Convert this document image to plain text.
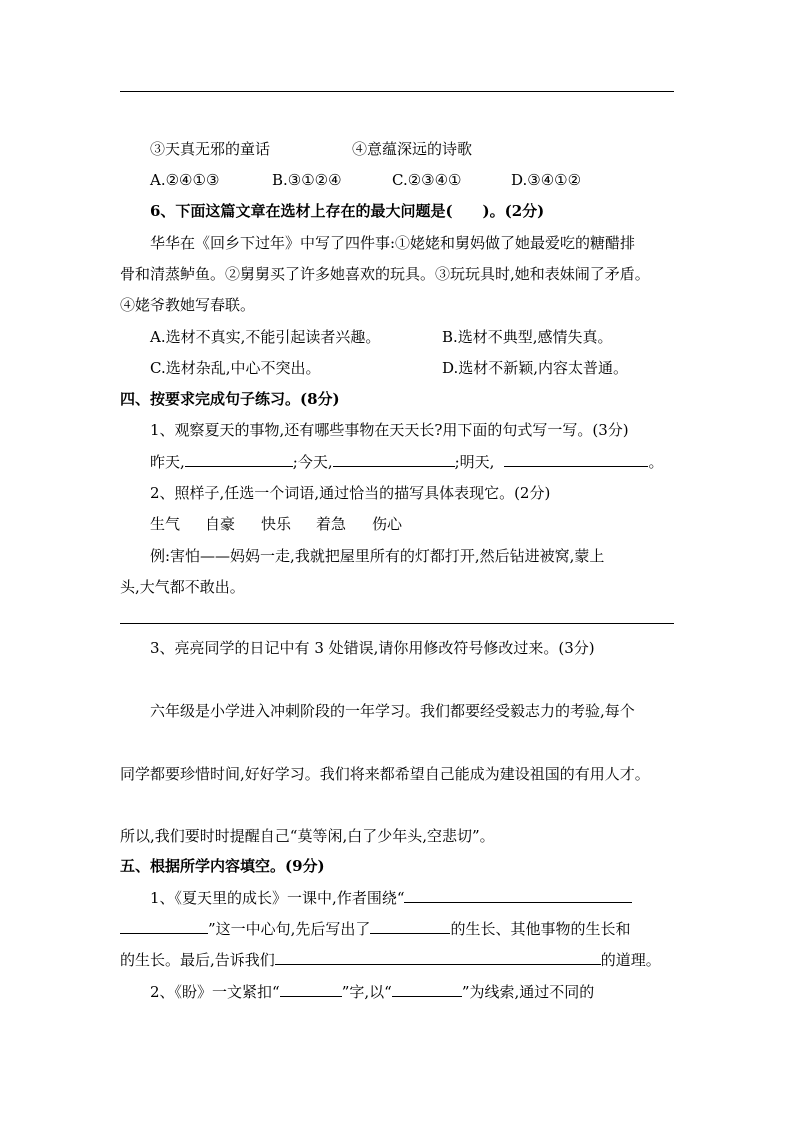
③天真无邪的童话	④意蕴深远的诗歌
A.②④①③	B.③①②④	C.②③④①	D.③④①②
6、下面这篇文章在选材上存在的最大问题是(　　)。(2分)
华华在《回乡下过年》中写了四件事:①姥姥和舅妈做了她最爱吃的糖醋排
骨和清蒸鲈鱼。②舅舅买了许多她喜欢的玩具。③玩玩具时,她和表妹闹了矛盾。
④姥爷教她写春联。
A.选材不真实,不能引起读者兴趣。	B.选材不典型,感情失真。
C.选材杂乱,中心不突出。	D.选材不新颖,内容太普通。
四、按要求完成句子练习。(8分)
1、观察夏天的事物,还有哪些事物在天天长?用下面的句式写一写。(3分)
昨天,	;今天,	;明天,	。
2、照样子,任选一个词语,通过恰当的描写具体表现它。(2分)
生气 自豪 快乐 着急 伤心
例:害怕——妈妈一走,我就把屋里所有的灯都打开,然后钻进被窝,蒙上
头,大气都不敢出。
3、亮亮同学的日记中有 3 处错误,请你用修改符号修改过来。(3分)
六年级是小学进入冲刺阶段的一年学习。我们都要经受毅志力的考验,每个
同学都要珍惜时间,好好学习。我们将来都希望自己能成为建设祖国的有用人才。
所以,我们要时时提醒自己“莫等闲,白了少年头,空悲切”。
五、根据所学内容填空。(9分)
1、《夏天里的成长》一课中,作者围绕“
”这一中心句,先后写出了	的生长、其他事物的生长和
的生长。最后,告诉我们	的道理。
2、《盼》一文紧扣“	”字,以“	”为线索,通过不同的
